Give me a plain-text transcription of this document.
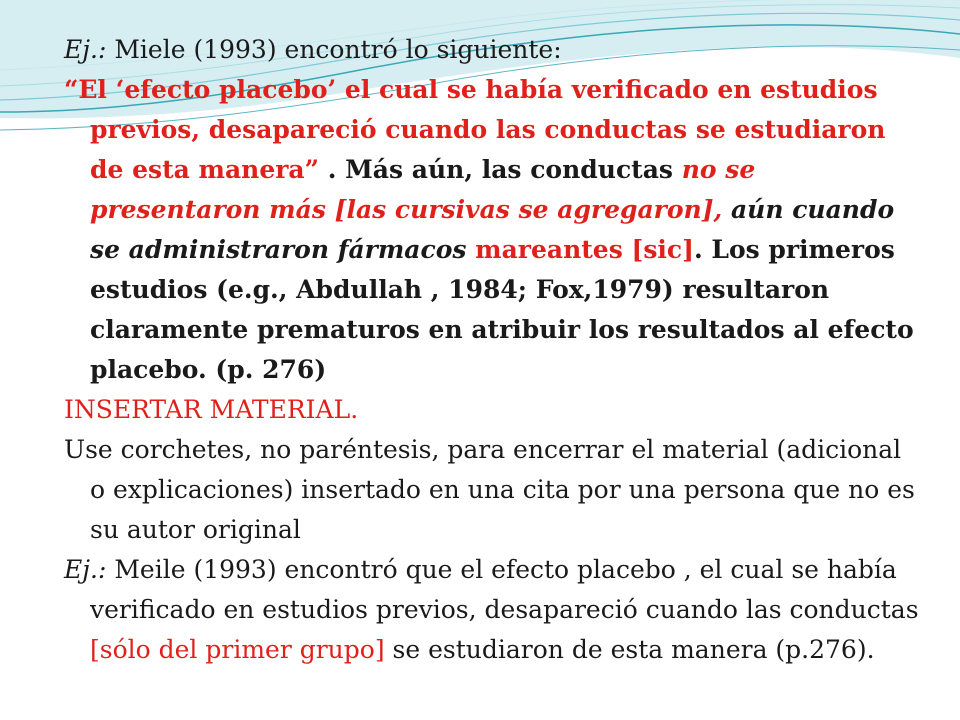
Ej.: Miele (1993) encontró lo siguiente:

“El ‘efecto placebo’ el cual se había verificado en estudios previos, desapareció cuando las conductas se estudiaron de esta manera” . Más aún, las conductas no se presentaron más [las cursivas se agregaron], aún cuando se administraron fármacos mareantes [sic]. Los primeros estudios (e.g., Abdullah , 1984; Fox,1979) resultaron claramente prematuros en atribuir los resultados al efecto placebo. (p. 276)

INSERTAR MATERIAL.

Use corchetes, no paréntesis, para encerrar el material (adicional o explicaciones) insertado en una cita por una persona que no es su autor original

Ej.: Meile (1993) encontró que el efecto placebo , el cual se había verificado en estudios previos, desapareció cuando las conductas [sólo del primer grupo] se estudiaron de esta manera (p.276).
